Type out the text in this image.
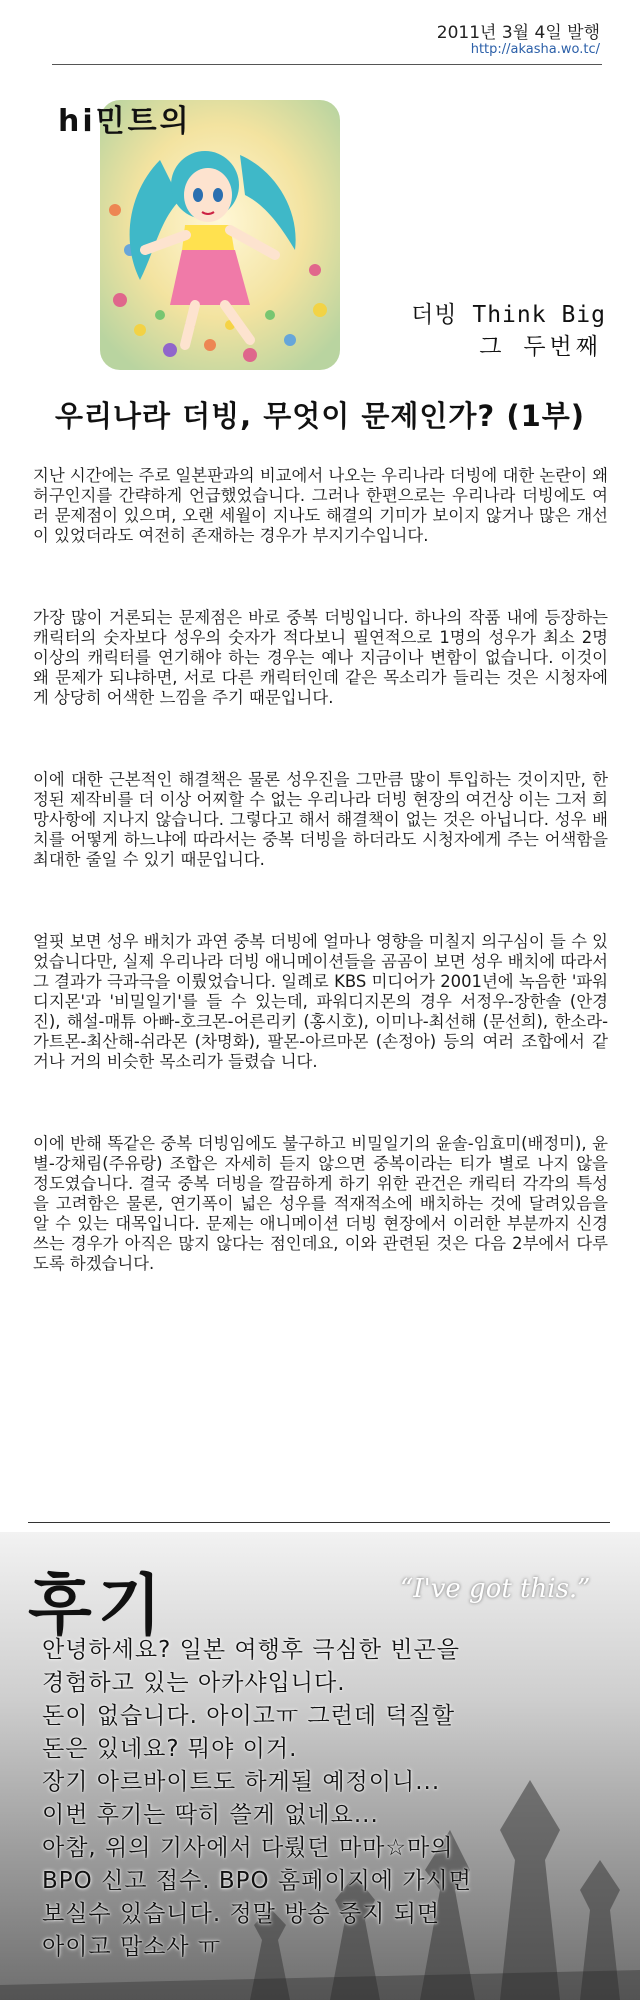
2011년 3월 4일 발행
http://akasha.wo.tc/
hi민트의
더빙 Think Big
그 두번째
우리나라 더빙, 무엇이 문제인가? (1부)

지난 시간에는 주로 일본판과의 비교에서 나오는 우리나라 더빙에 대한 논란이 왜 허구인지를 간략하게 언급했었습니다. 그러나 한편으로는 우리나라 더빙에도 여러 문제점이 있으며, 오랜 세월이 지나도 해결의 기미가 보이지 않거나 많은 개선이 있었더라도 여전히 존재하는 경우가 부지기수입니다.

가장 많이 거론되는 문제점은 바로 중복 더빙입니다. 하나의 작품 내에 등장하는 캐릭터의 숫자보다 성우의 숫자가 적다보니 필연적으로 1명의 성우가 최소 2명 이상의 캐릭터를 연기해야 하는 경우는 예나 지금이나 변함이 없습니다. 이것이 왜 문제가 되냐하면, 서로 다른 캐릭터인데 같은 목소리가 들리는 것은 시청자에게 상당히 어색한 느낌을 주기 때문입니다.

이에 대한 근본적인 해결책은 물론 성우진을 그만큼 많이 투입하는 것이지만, 한정된 제작비를 더 이상 어찌할 수 없는 우리나라 더빙 현장의 여건상 이는 그저 희망사항에 지나지 않습니다. 그렇다고 해서 해결책이 없는 것은 아닙니다. 성우 배치를 어떻게 하느냐에 따라서는 중복 더빙을 하더라도 시청자에게 주는 어색함을 최대한 줄일 수 있기 때문입니다.

얼핏 보면 성우 배치가 과연 중복 더빙에 얼마나 영향을 미칠지 의구심이 들 수 있었습니다만, 실제 우리나라 더빙 애니메이션들을 곰곰이 보면 성우 배치에 따라서 그 결과가 극과극을 이뤘었습니다. 일례로 KBS 미디어가 2001년에 녹음한 '파워디지몬'과 '비밀일기'를 들 수 있는데, 파워디지몬의 경우 서정우-장한솔 (안경진), 해설-매튜 아빠-호크몬-어른리키 (홍시호), 이미나-최선해 (문선희), 한소라-가트몬-최산해-쉬라몬 (차명화), 팔몬-아르마몬 (손정아) 등의 여러 조합에서 같거나 거의 비슷한 목소리가 들렸습 니다.

이에 반해 똑같은 중복 더빙임에도 불구하고 비밀일기의 윤솔-임효미(배정미), 윤별-강채림(주유랑) 조합은 자세히 듣지 않으면 중복이라는 티가 별로 나지 않을 정도였습니다. 결국 중복 더빙을 깔끔하게 하기 위한 관건은 캐릭터 각각의 특성을 고려함은 물론, 연기폭이 넓은 성우를 적재적소에 배치하는 것에 달려있음을 알 수 있는 대목입니다. 문제는 애니메이션 더빙 현장에서 이러한 부분까지 신경쓰는 경우가 아직은 많지 않다는 점인데요, 이와 관련된 것은 다음 2부에서 다루도록 하겠습니다.

후기	“I've got this.”

안녕하세요? 일본 여행후 극심한 빈곤을

경험하고 있는 아카샤입니다.

돈이 없습니다. 아이고ㅠ 그런데 덕질할

돈은 있네요? 뭐야 이거.

장기 아르바이트도 하게될 예정이니...

이번 후기는 딱히 쓸게 없네요...

아참, 위의 기사에서 다뤘던 마마☆마의

BPO 신고 접수. BPO 홈페이지에 가시면

보실수 있습니다. 정말 방송 중지 되면

아이고 맙소사 ㅠ
